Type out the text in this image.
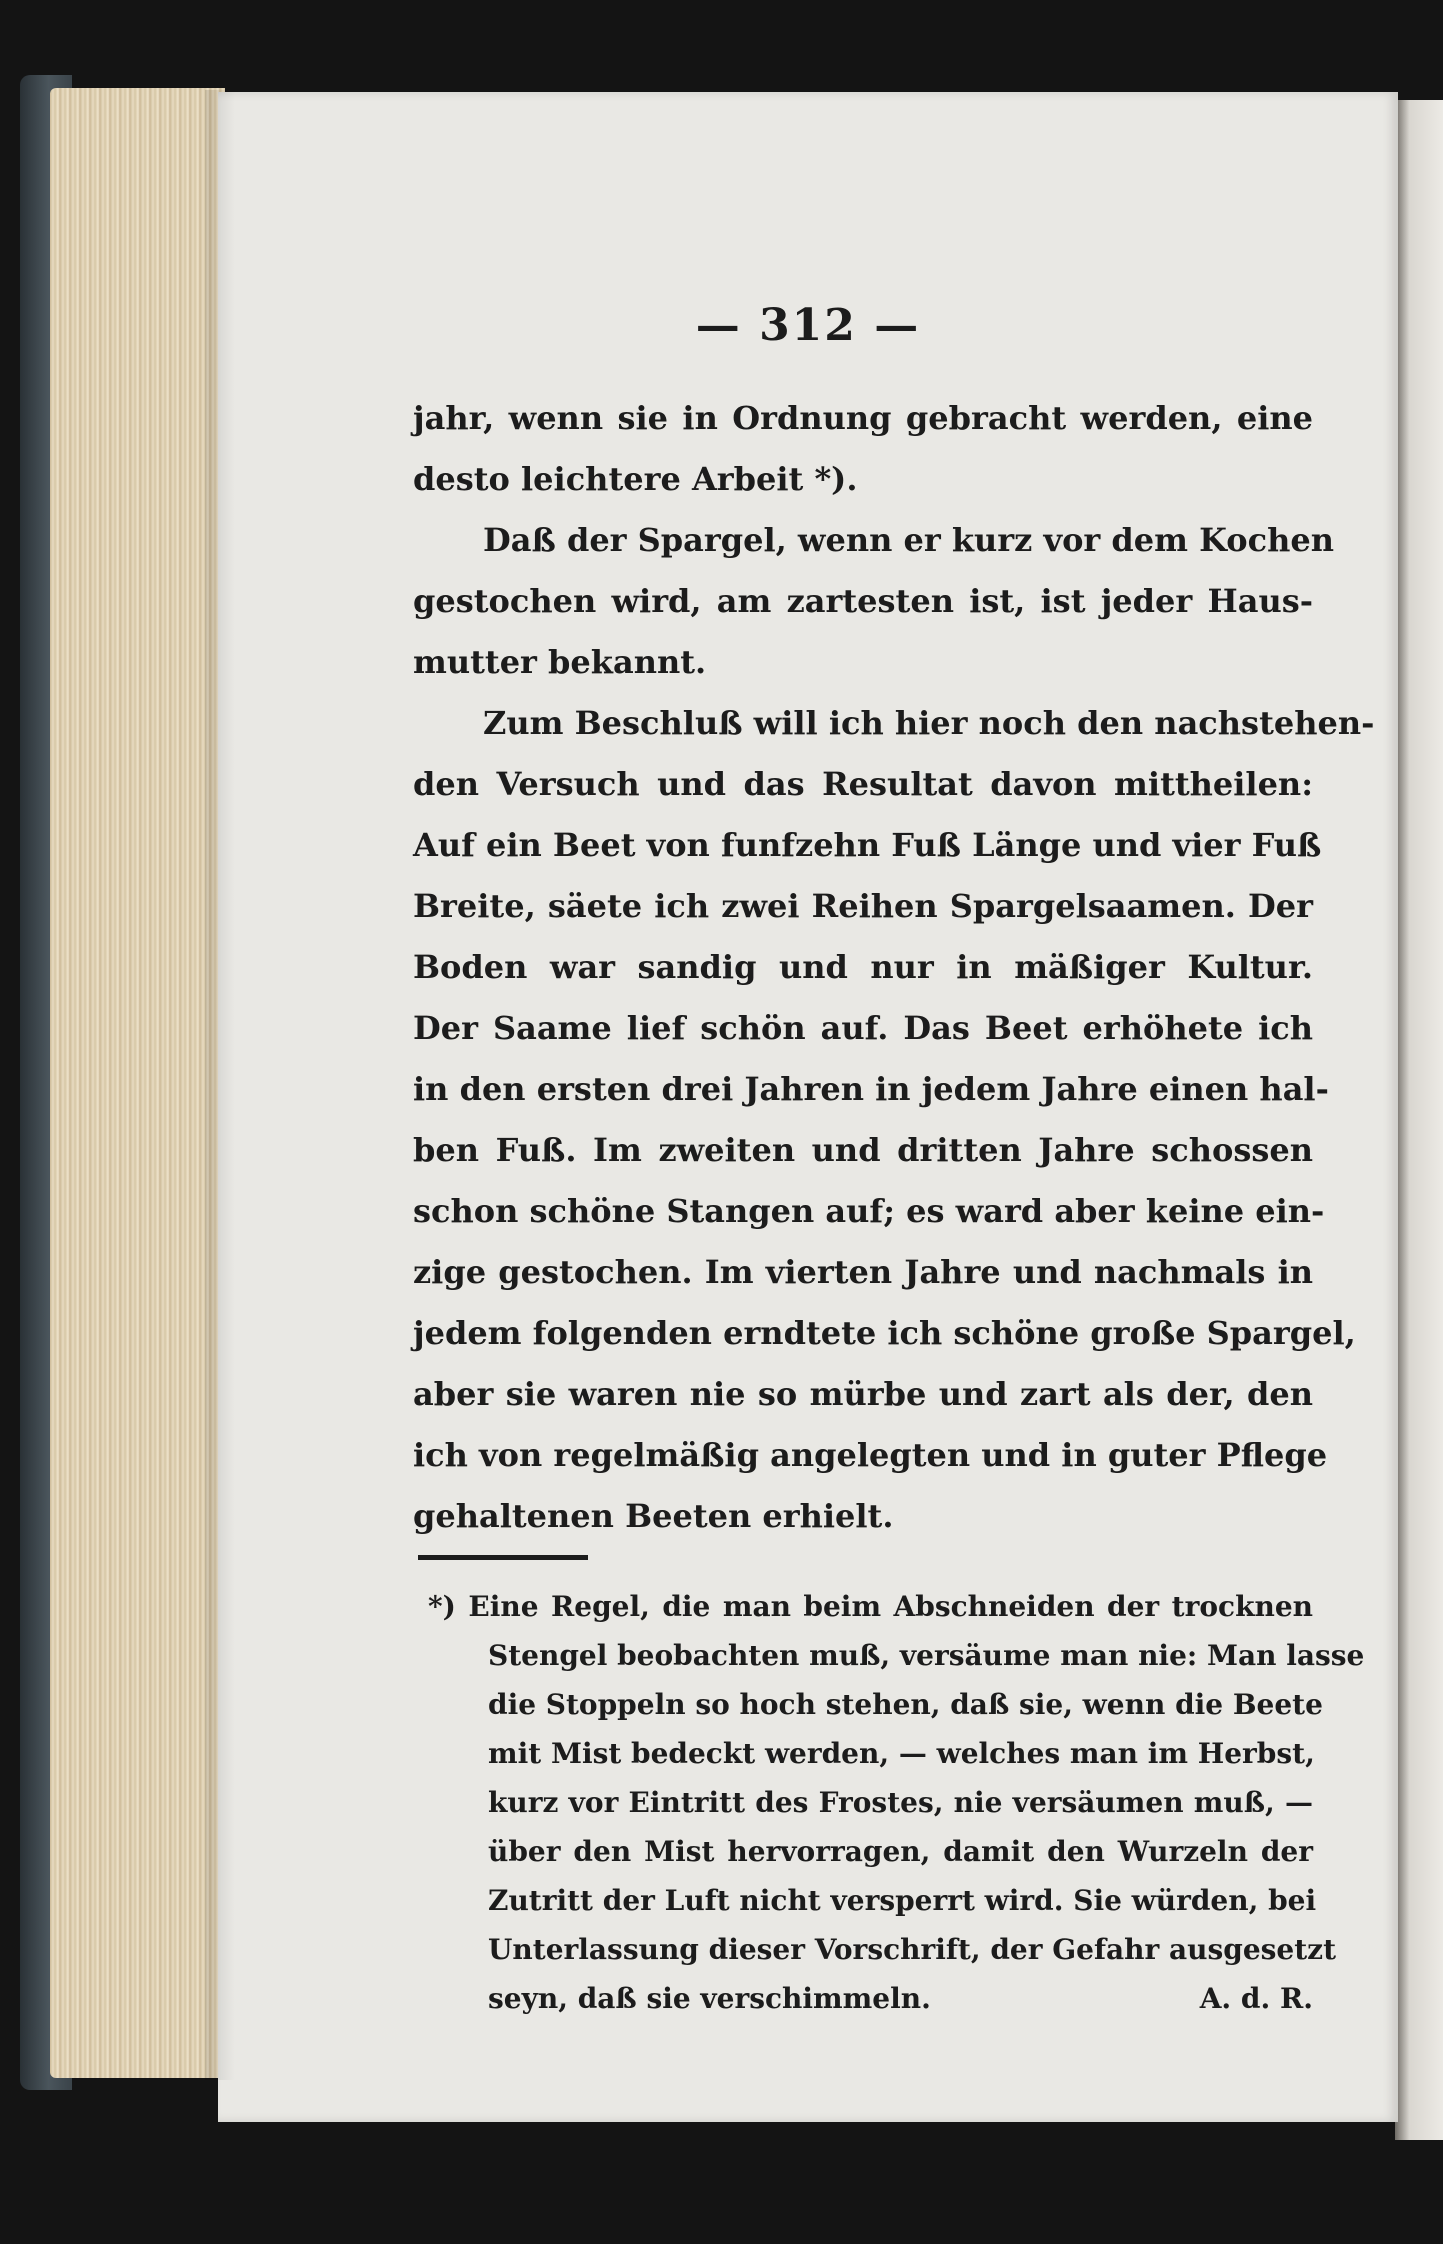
— 312 —

jahr, wenn sie in Ordnung gebracht werden, eine
desto leichtere Arbeit *).

Daß der Spargel, wenn er kurz vor dem Kochen
gestochen wird, am zartesten ist, ist jeder Haus-
mutter bekannt.

Zum Beschluß will ich hier noch den nachstehen-
den Versuch und das Resultat davon mittheilen:
Auf ein Beet von funfzehn Fuß Länge und vier Fuß
Breite, säete ich zwei Reihen Spargelsaamen. Der
Boden war sandig und nur in mäßiger Kultur.
Der Saame lief schön auf. Das Beet erhöhete ich
in den ersten drei Jahren in jedem Jahre einen hal-
ben Fuß. Im zweiten und dritten Jahre schossen
schon schöne Stangen auf; es ward aber keine ein-
zige gestochen. Im vierten Jahre und nachmals in
jedem folgenden erndtete ich schöne große Spargel,
aber sie waren nie so mürbe und zart als der, den
ich von regelmäßig angelegten und in guter Pflege
gehaltenen Beeten erhielt.

*) Eine Regel, die man beim Abschneiden der trocknen
Stengel beobachten muß, versäume man nie: Man lasse
die Stoppeln so hoch stehen, daß sie, wenn die Beete
mit Mist bedeckt werden, — welches man im Herbst,
kurz vor Eintritt des Frostes, nie versäumen muß, —
über den Mist hervorragen, damit den Wurzeln der
Zutritt der Luft nicht versperrt wird. Sie würden, bei
Unterlassung dieser Vorschrift, der Gefahr ausgesetzt
seyn, daß sie verschimmeln.	A. d. R.
